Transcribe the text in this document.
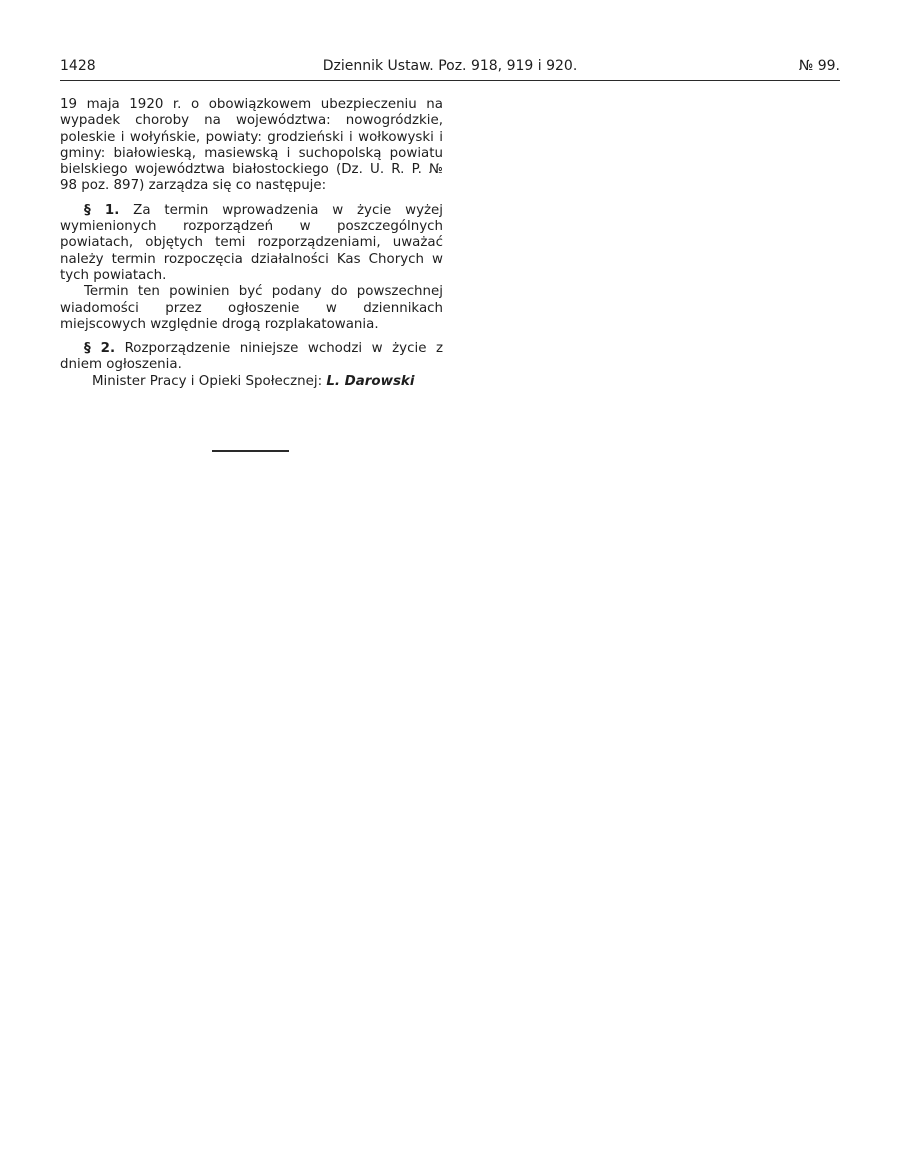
1428	Dziennik Ustaw. Poz. 918, 919 i 920.	№ 99.

19 maja 1920 r. o obowiązkowem ubezpieczeniu na wypadek choroby na województwa: nowogródzkie, poleskie i wołyńskie, powiaty: grodzieński i wołkowyski i gminy: białowieską, masiewską i suchopolską powiatu bielskiego województwa białostockiego (Dz. U. R. P. № 98 poz. 897) zarządza się co następuje:

§ 1. Za termin wprowadzenia w życie wyżej wymienionych rozporządzeń w poszczególnych powiatach, objętych temi rozporządzeniami, uważać należy termin rozpoczęcia działalności Kas Chorych w tych powiatach.

Termin ten powinien być podany do powszechnej wiadomości przez ogłoszenie w dziennikach miejscowych względnie drogą rozplakatowania.

§ 2. Rozporządzenie niniejsze wchodzi w życie z dniem ogłoszenia.

Minister Pracy i Opieki Społecznej: L. Darowski
